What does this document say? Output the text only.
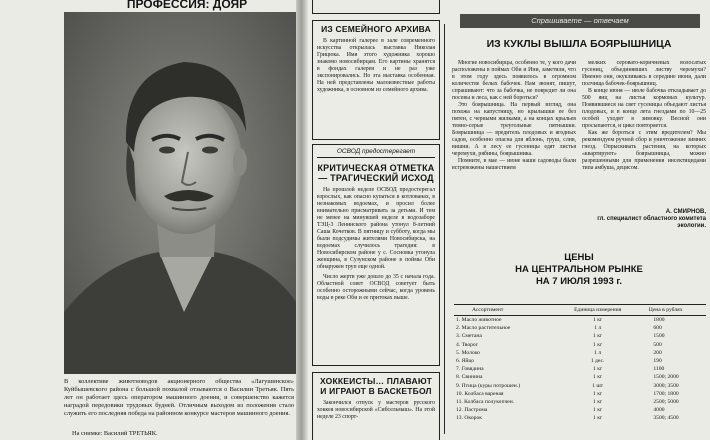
ПРОФЕССИЯ: ДОЯР
В коллективе животноводов акционерного общества «Лагушинское» Куйбышевского района с большой похвалой отзываются о Василии Третьяк. Пять лет он работает здесь оператором машинного доения, и совершенство кажется наградой передовики трудовых будней. Отличным выходом из положения стало служить его последняя победа на районном конкурсе мастеров машинного доения.
На снимке: Василий ТРЕТЬЯК.
ИЗ СЕМЕЙНОГО АРХИВА
В картинной галерее в зале современного искусства открылась выставка Николая Грицюка. Имя этого художника хорошо знакомо новосибирцам. Его картины хранятся в фондах галереи и не раз уже экспонировались. Но эта выставка особенная. На ней представлены малоизвестные работы художника, в основном из семейного архива.
ОСВОД предостерегает
КРИТИЧЕСКАЯ ОТМЕТКА — ТРАГИЧЕСКИЙ ИСХОД
На прошлой неделе ОСВОД предостерегал взрослых, как опасно купаться в котлованах, в незнакомых водоемах, и просил более внимательно присматривать за детьми. И тем не менее на минувшей неделе в водозаборе ТЭЦ-3 Ленинского района утонул 8-летний Саша Кочетков. В пятницу и субботу, когда мы были подсудимы жителями Новосибирска, на водоемах случилось трагедия: в Новосибирском районе у с. Сосновка утонула женщина, в Сузунском районе в поймы Оби обнаружен труп еще одной.
Число жертв уже дошло до 35 с начала года. Областной совет ОСВОД советует быть особенно осторожными сейчас, когда уровень воды в реке Оби и ее притоках выше.
ХОККЕИСТЫ… ПЛАВАЮТ И ИГРАЮТ В БАСКЕТБОЛ
Закончился отпуск у мастеров русского хоккея новосибирской «Сибсельмаш». На этой неделе 23 спорт-
Спрашиваете — отвечаем
ИЗ КУКЛЫ ВЫШЛА БОЯРЫШНИЦА
Многие новосибирцы, особенно те, у кого дачи расположены в поймах Оби и Ини, заметили, что в этом году здесь появилось в огромном количестве белых бабочек. Нам звонят, пишут, спрашивают: что за бабочка, не повредит ли она посевы и леса, как с ней бороться?
Это боярышница. На первый взгляд, она похожа на капустницу, но крылышки ее без пятен, с черными жилками, а на концах крыльев темно-серые треугольные пятнышки. Боярышница — вредитель плодовых и ягодных садов, особенно опасна для яблонь, груш, слив, вишни. А в лесу ее гусеницы едят листья черемухи, рябины, боярышника.
Помните, в мае — июне наши садоводы были встревожены нашествием
мелких серовато-коричневых волосатых гусениц, объединявших листву черемухи? Именно они, окукливаясь в середине июня, дали полчища бабочек-боярышниц.
В конце июня — июле бабочка откладывает до 500 яиц на листья кормовых культур. Появившиеся на свет гусеницы объедают листья плодовых, и в конце лета гнездами по 10—25 особей уходят в зимовку. Весной они просыпаются, и цикл повторяется.
Как же бороться с этим вредителем? Мы рекомендуем ручной сбор и уничтожение зимних гнезд. Опрыскивать растения, на которых «квартируют» боярышницы, можно разрешенными для применения инсектицидами типа амбуша, децисом.
А. СМИРНОВ,
гл. специалист областного комитета экологии.
ЦЕНЫ
НА ЦЕНТРАЛЬНОМ РЫНКЕ
НА 7 ИЮЛЯ 1993 г.
Ассортимент	Единица измерения	Цена в рублях
1. Масло животное	1 кг	1800
2. Масло растительное	1 л	600
3. Сметана	1 кг	1500
4. Творог	1 кг	500
5. Молоко	1 л	200
6. Яйцо	1 дес.	190
7. Говядина	1 кг	1100
8. Свинина	1 кг	1500; 2000
9. Птица (куры потрошен.)	1 шт	3000; 3500
10. Колбаса вареная	1 кг	1700; 1800
11. Колбаса полукопчен.	1 кг	2500; 5000
12. Пастрома	1 кг	4000
13. Окорок	1 кг	3500; 4500
